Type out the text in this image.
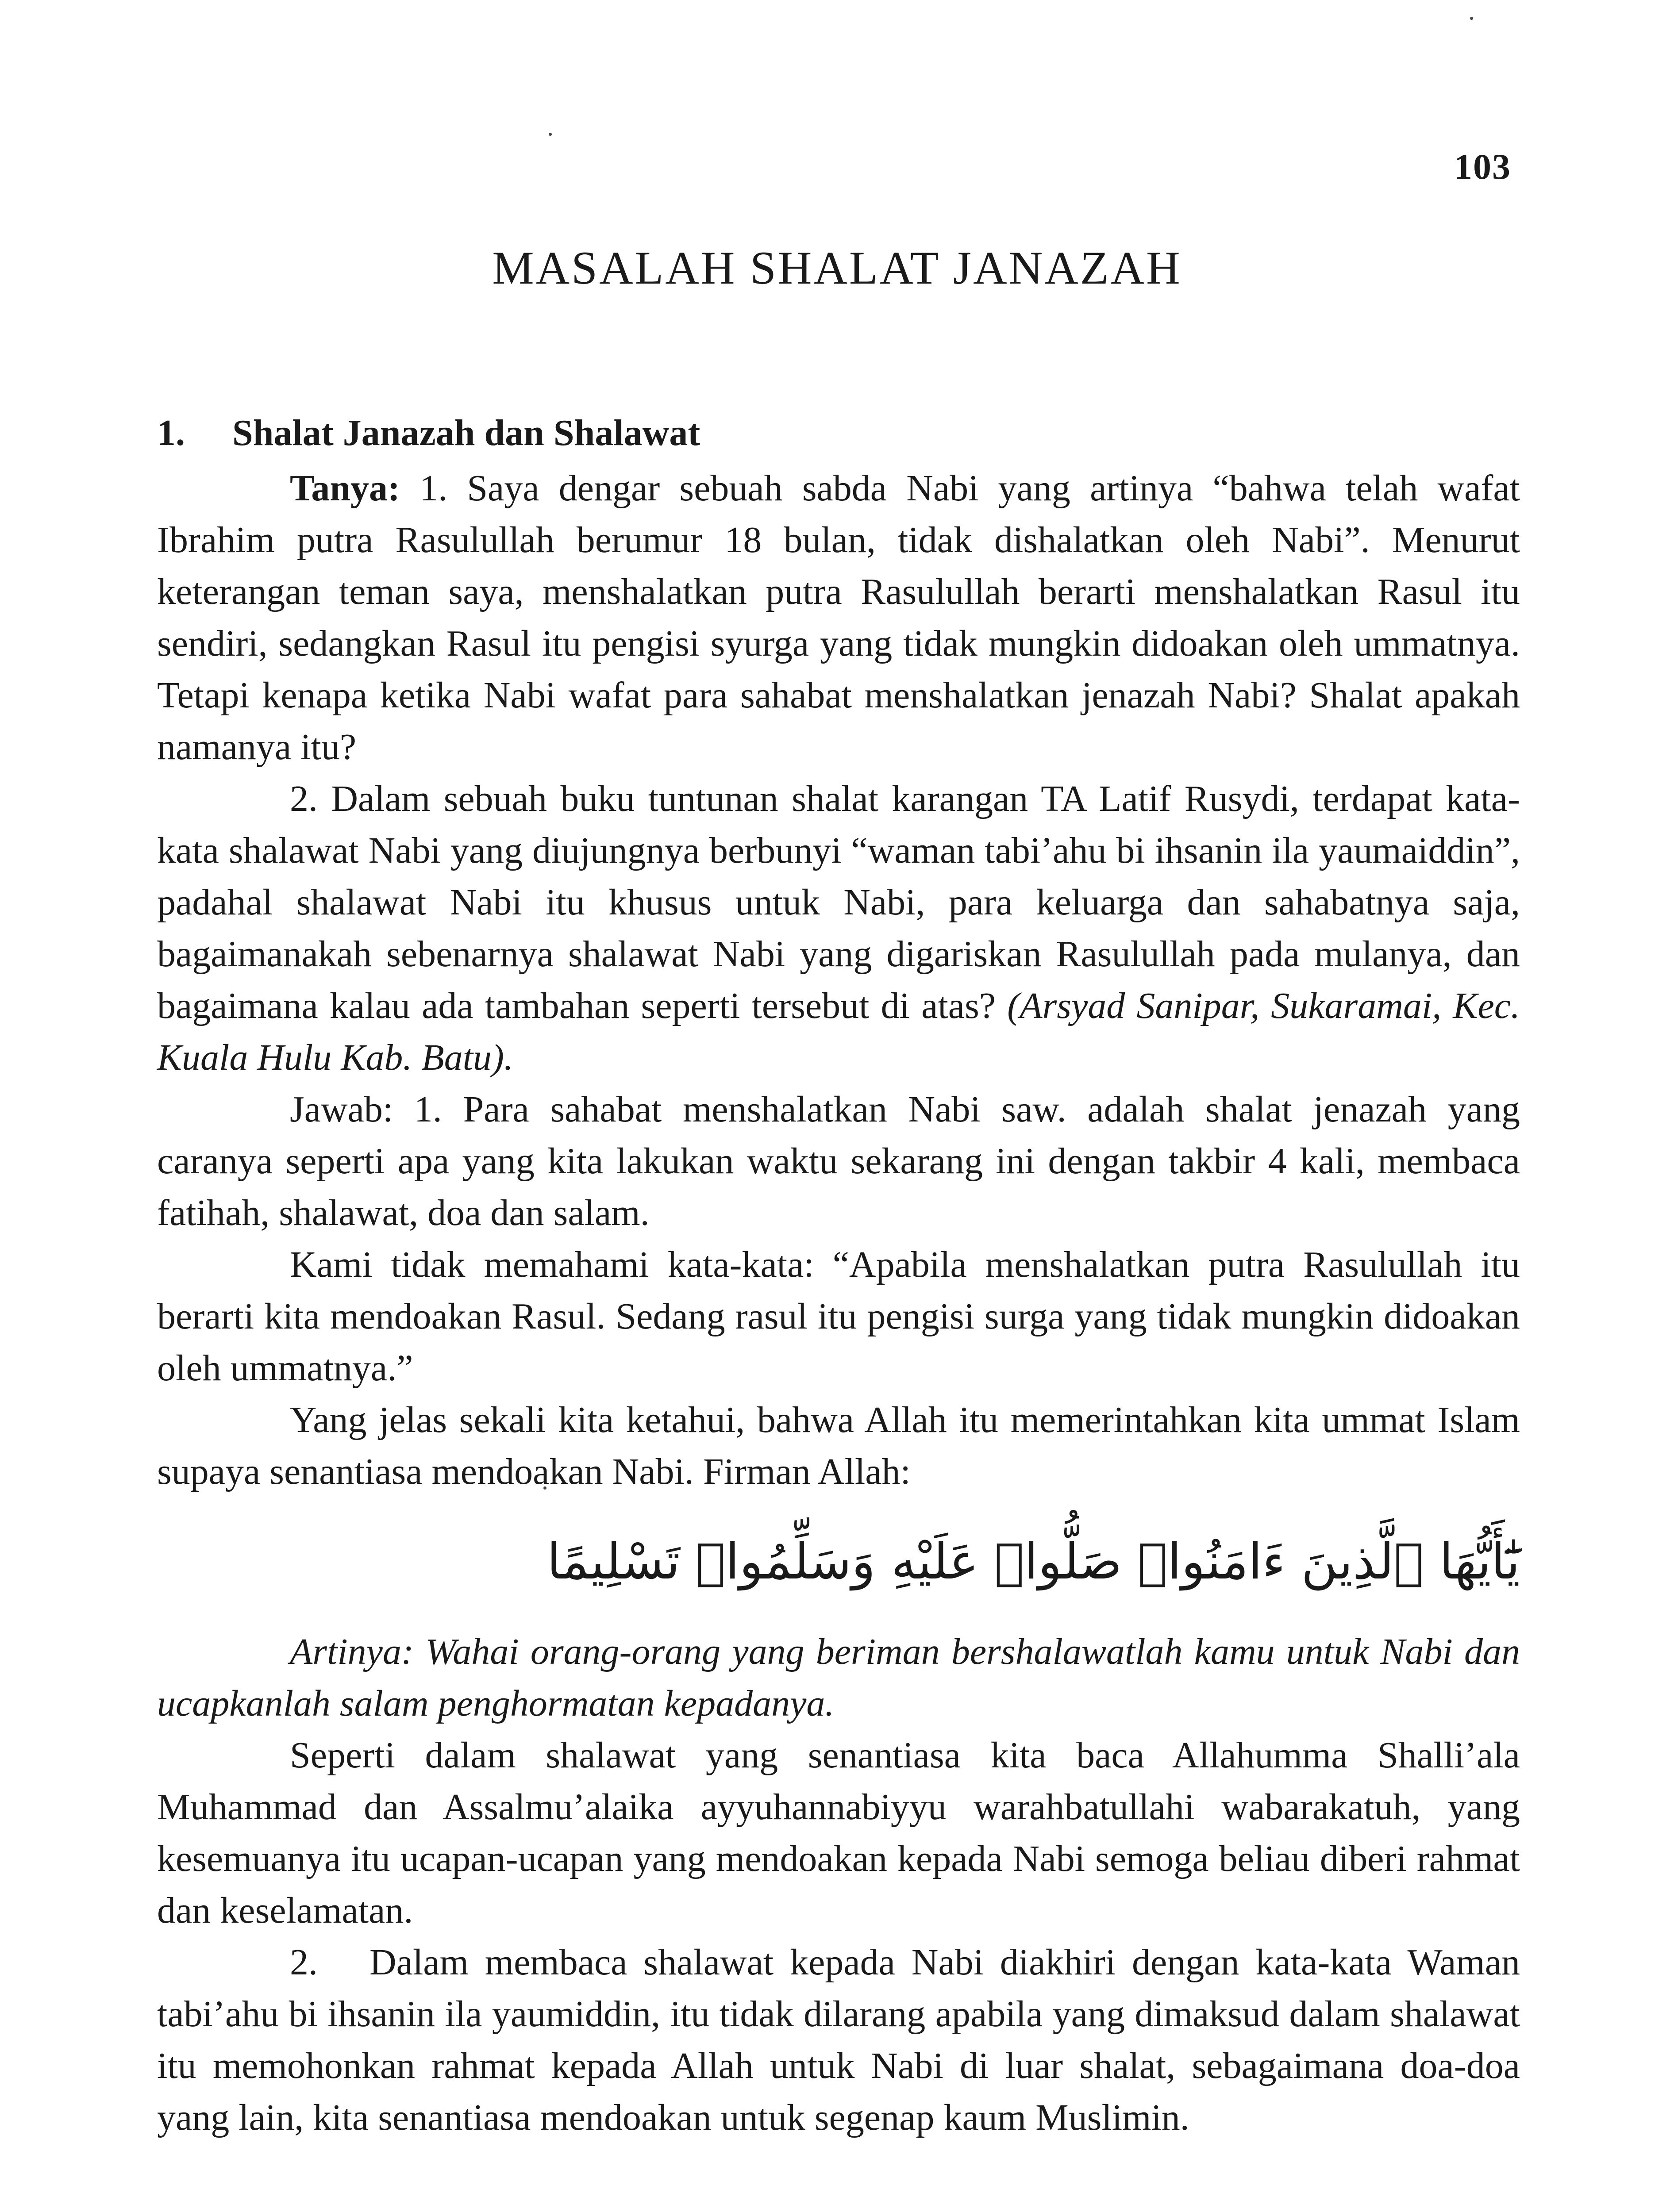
103
MASALAH SHALAT JANAZAH
1. Shalat Janazah dan Shalawat

Tanya: 1. Saya dengar sebuah sabda Nabi yang artinya “bahwa telah wafat Ibrahim putra Rasulullah berumur 18 bulan, tidak dishalatkan oleh Nabi”. Menurut keterangan teman saya, menshalatkan putra Rasulullah berarti menshalatkan Rasul itu sendiri, sedangkan Rasul itu pengisi syurga yang tidak mungkin didoakan oleh ummatnya. Tetapi kenapa ketika Nabi wafat para sahabat menshalatkan jenazah Nabi? Shalat apakah namanya itu?

2. Dalam sebuah buku tuntunan shalat karangan TA Latif Rusydi, terdapat kata-kata shalawat Nabi yang diujungnya berbunyi “waman tabi’ahu bi ihsanin ila yaumaiddin”, padahal shalawat Nabi itu khusus untuk Nabi, para keluarga dan sahabatnya saja, bagaimanakah sebenarnya shalawat Nabi yang digariskan Rasulullah pada mulanya, dan bagaimana kalau ada tambahan seperti tersebut di atas? (Arsyad Sanipar, Sukaramai, Kec. Kuala Hulu Kab. Batu).

Jawab: 1. Para sahabat menshalatkan Nabi saw. adalah shalat jenazah yang caranya seperti apa yang kita lakukan waktu sekarang ini dengan takbir 4 kali, membaca fatihah, shalawat, doa dan salam.

Kami tidak memahami kata-kata: “Apabila menshalatkan putra Rasulullah itu berarti kita mendoakan Rasul. Sedang rasul itu pengisi surga yang tidak mungkin didoakan oleh ummatnya.”

Yang jelas sekali kita ketahui, bahwa Allah itu memerintahkan kita ummat Islam supaya senantiasa mendoakan Nabi. Firman Allah:

يَٰٓأَيُّهَا ٱلَّذِينَ ءَامَنُوا۟ صَلُّوا۟ عَلَيْهِ وَسَلِّمُوا۟ تَسْلِيمًا

Artinya: Wahai orang-orang yang beriman bershalawatlah kamu untuk Nabi dan ucapkanlah salam penghormatan kepadanya.

Seperti dalam shalawat yang senantiasa kita baca Allahumma Shalli’ala Muhammad dan Assalmu’alaika ayyuhannabiyyu warahbatullahi wabarakatuh, yang kesemuanya itu ucapan-ucapan yang mendoakan kepada Nabi semoga beliau diberi rahmat dan keselamatan.

2. Dalam membaca shalawat kepada Nabi diakhiri dengan kata-kata Waman tabi’ahu bi ihsanin ila yaumiddin, itu tidak dilarang apabila yang dimaksud dalam shalawat itu memohonkan rahmat kepada Allah untuk Nabi di luar shalat, sebagaimana doa-doa yang lain, kita senantiasa mendoakan untuk segenap kaum Muslimin.
